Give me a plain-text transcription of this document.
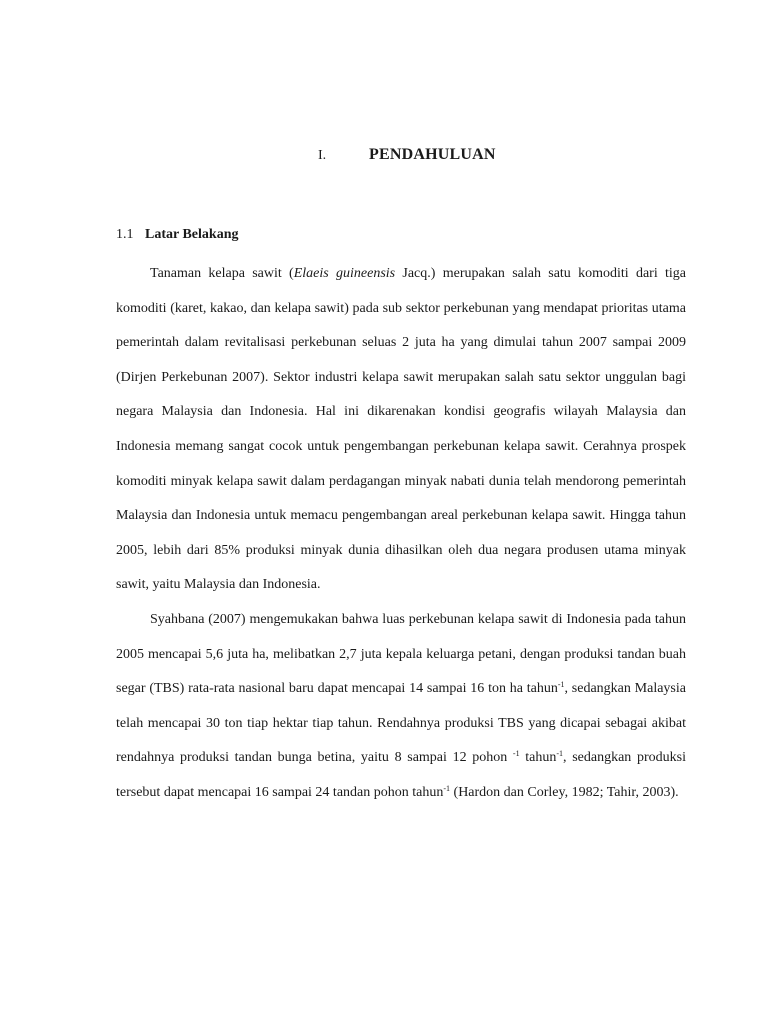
I.	PENDAHULUAN
1.1 Latar Belakang

Tanaman kelapa sawit (Elaeis guineensis Jacq.) merupakan salah satu komoditi dari tiga komoditi (karet, kakao, dan kelapa sawit) pada sub sektor perkebunan yang mendapat prioritas utama pemerintah dalam revitalisasi perkebunan seluas 2 juta ha yang dimulai tahun 2007 sampai 2009 (Dirjen Perkebunan 2007). Sektor industri kelapa sawit merupakan salah satu sektor unggulan bagi negara Malaysia dan Indonesia. Hal ini dikarenakan kondisi geografis wilayah Malaysia dan Indonesia memang sangat cocok untuk pengembangan perkebunan kelapa sawit. Cerahnya prospek komoditi minyak kelapa sawit dalam perdagangan minyak nabati dunia telah mendorong pemerintah Malaysia dan Indonesia untuk memacu pengembangan areal perkebunan kelapa sawit. Hingga tahun 2005, lebih dari 85% produksi minyak dunia dihasilkan oleh dua negara produsen utama minyak sawit, yaitu Malaysia dan Indonesia.

Syahbana (2007) mengemukakan bahwa luas perkebunan kelapa sawit di Indonesia pada tahun 2005 mencapai 5,6 juta ha, melibatkan 2,7 juta kepala keluarga petani, dengan produksi tandan buah segar (TBS) rata-rata nasional baru dapat mencapai 14 sampai 16 ton ha tahun$^{-1}$, sedangkan Malaysia telah mencapai 30 ton tiap hektar tiap tahun. Rendahnya produksi TBS yang dicapai sebagai akibat rendahnya produksi tandan bunga betina, yaitu 8 sampai 12 pohon $^{-1}$ tahun$^{-1}$, sedangkan produksi tersebut dapat mencapai 16 sampai 24 tandan pohon tahun$^{-1}$ (Hardon dan Corley, 1982; Tahir, 2003).
